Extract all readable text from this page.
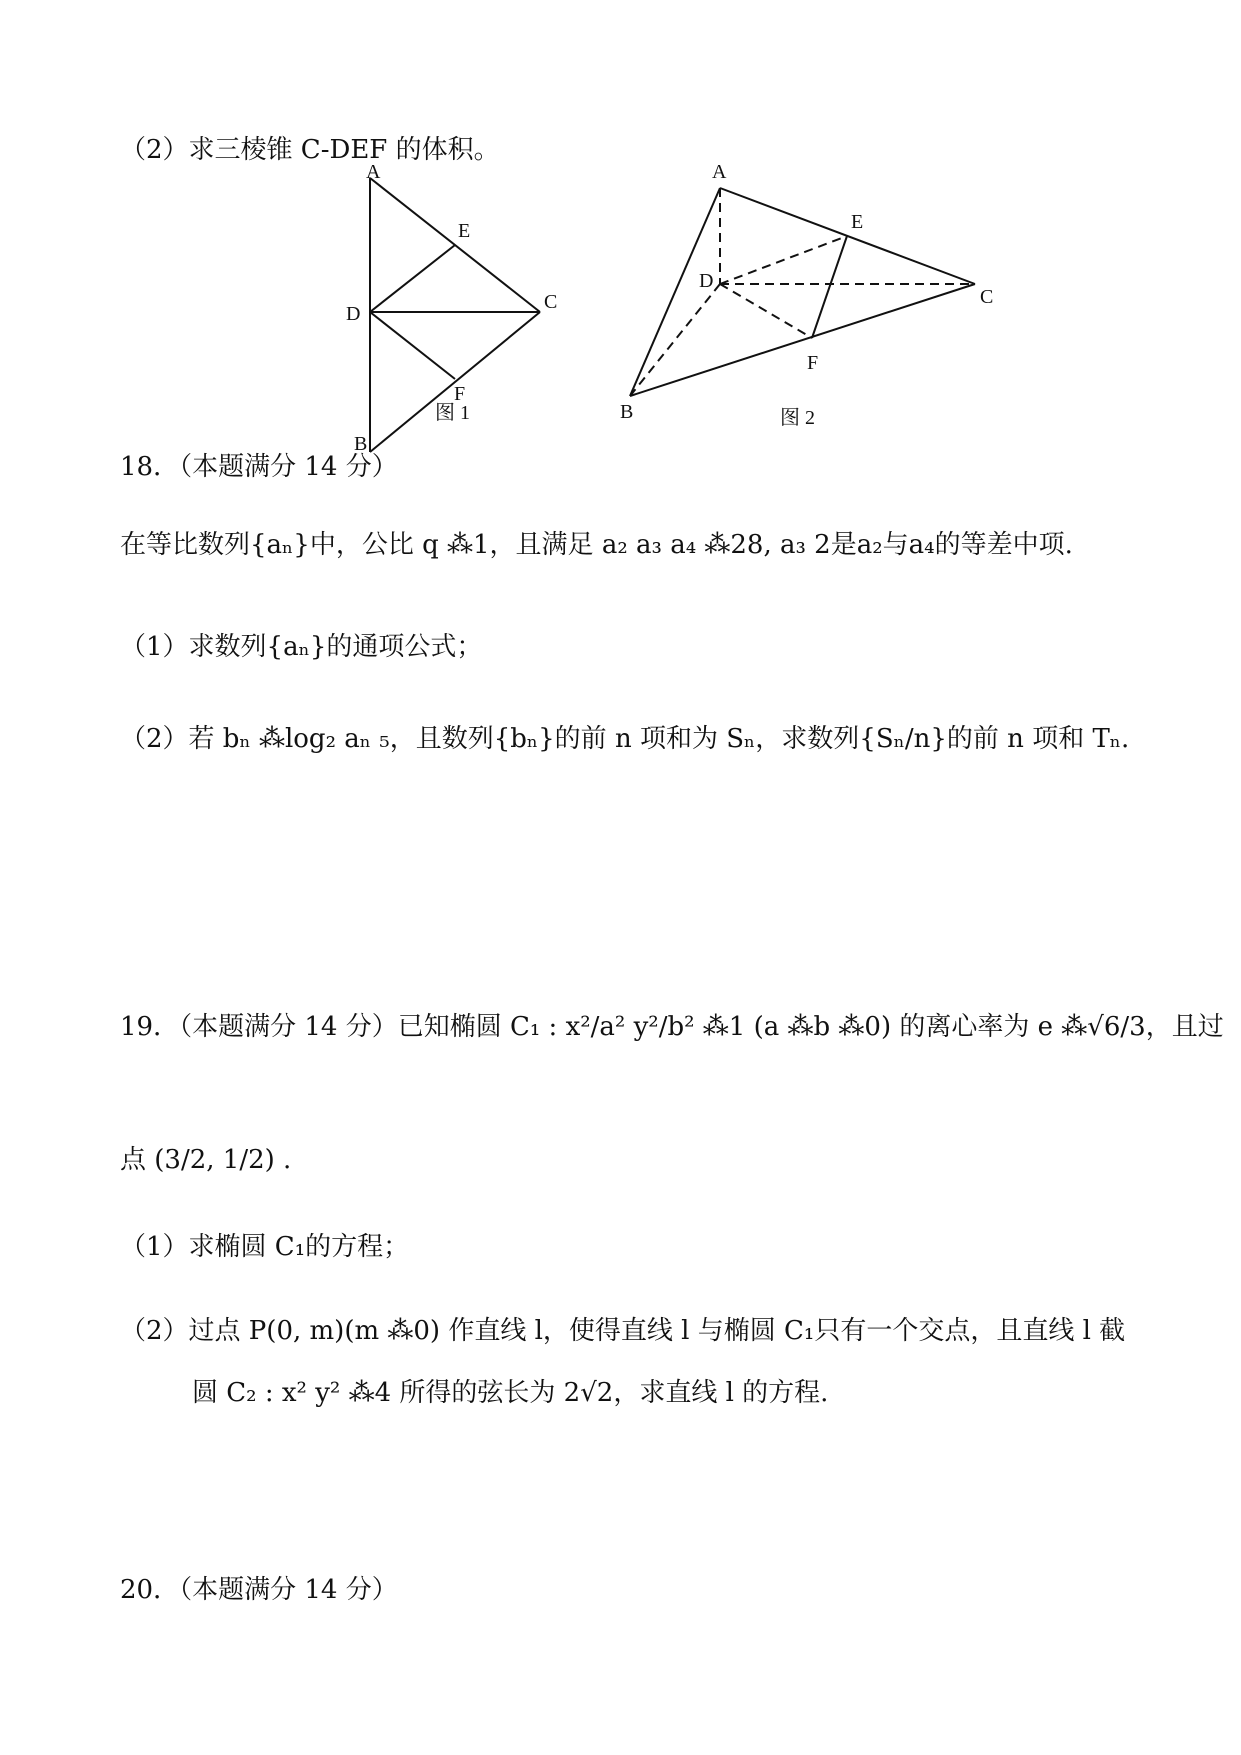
（2）求三棱锥 C-DEF 的体积。
A
E
D
C
F
B
图 1
A
E
D
C
F
B	图 2
18．（本题满分 14 分）
在等比数列{aₙ}中，公比 q ⁂1，且满足 a₂ a₃ a₄ ⁂28, a₃ 2是a₂与a₄的等差中项.
（1）求数列{aₙ}的通项公式；
（2）若 bₙ ⁂log₂ aₙ ₅，且数列{bₙ}的前 n 项和为 Sₙ，求数列{Sₙ/n}的前 n 项和 Tₙ.
19．（本题满分 14 分）已知椭圆 C₁ : x²/a² y²/b² ⁂1 (a ⁂b ⁂0) 的离心率为 e ⁂√6/3，且过
点 (3/2, 1/2) .
（1）求椭圆 C₁的方程；
（2）过点 P(0, m)(m ⁂0) 作直线 l，使得直线 l 与椭圆 C₁只有一个交点，且直线 l 截
圆 C₂ : x² y² ⁂4 所得的弦长为 2√2，求直线 l 的方程.
20．（本题满分 14 分）
